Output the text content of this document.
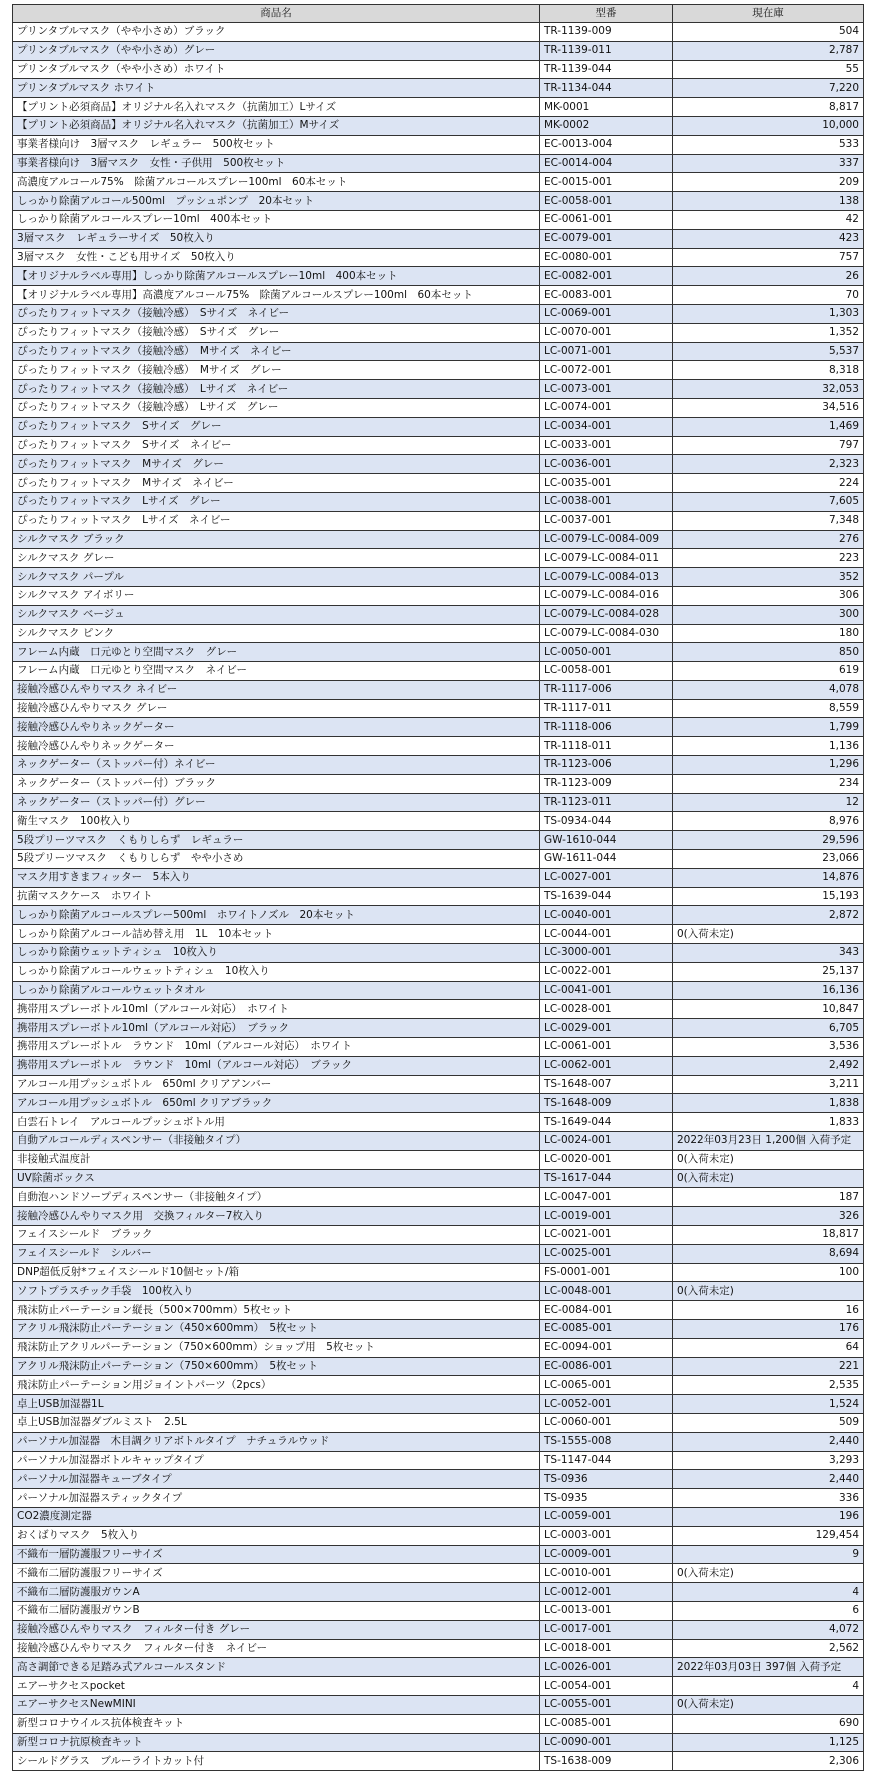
商品名	型番	現在庫
プリンタブルマスク（やや小さめ）ブラック	TR-1139-009	504
プリンタブルマスク（やや小さめ）グレー	TR-1139-011	2,787
プリンタブルマスク（やや小さめ）ホワイト	TR-1139-044	55
プリンタブルマスク ホワイト	TR-1134-044	7,220
【プリント必須商品】オリジナル名入れマスク（抗菌加工）Lサイズ	MK-0001	8,817
【プリント必須商品】オリジナル名入れマスク（抗菌加工）Mサイズ	MK-0002	10,000
事業者様向け　3層マスク　レギュラー　500枚セット	EC-0013-004	533
事業者様向け　3層マスク　女性・子供用　500枚セット	EC-0014-004	337
高濃度アルコール75%　除菌アルコールスプレー100ml　60本セット	EC-0015-001	209
しっかり除菌アルコール500ml　プッシュポンプ　20本セット	EC-0058-001	138
しっかり除菌アルコールスプレー10ml　400本セット	EC-0061-001	42
3層マスク　レギュラーサイズ　50枚入り	EC-0079-001	423
3層マスク　女性・こども用サイズ　50枚入り	EC-0080-001	757
【オリジナルラベル専用】しっかり除菌アルコールスプレー10ml　400本セット	EC-0082-001	26
【オリジナルラベル専用】高濃度アルコール75%　除菌アルコールスプレー100ml　60本セット	EC-0083-001	70
ぴったりフィットマスク（接触冷感）　Sサイズ　ネイビー	LC-0069-001	1,303
ぴったりフィットマスク（接触冷感）　Sサイズ　グレー	LC-0070-001	1,352
ぴったりフィットマスク（接触冷感）　Mサイズ　ネイビー	LC-0071-001	5,537
ぴったりフィットマスク（接触冷感）　Mサイズ　グレー	LC-0072-001	8,318
ぴったりフィットマスク（接触冷感）　Lサイズ　ネイビー	LC-0073-001	32,053
ぴったりフィットマスク（接触冷感）　Lサイズ　グレー	LC-0074-001	34,516
ぴったりフィットマスク　Sサイズ　グレー	LC-0034-001	1,469
ぴったりフィットマスク　Sサイズ　ネイビー	LC-0033-001	797
ぴったりフィットマスク　Mサイズ　グレー	LC-0036-001	2,323
ぴったりフィットマスク　Mサイズ　ネイビー	LC-0035-001	224
ぴったりフィットマスク　Lサイズ　グレー	LC-0038-001	7,605
ぴったりフィットマスク　Lサイズ　ネイビー	LC-0037-001	7,348
シルクマスク ブラック	LC-0079-LC-0084-009	276
シルクマスク グレー	LC-0079-LC-0084-011	223
シルクマスク パープル	LC-0079-LC-0084-013	352
シルクマスク アイボリー	LC-0079-LC-0084-016	306
シルクマスク ベージュ	LC-0079-LC-0084-028	300
シルクマスク ピンク	LC-0079-LC-0084-030	180
フレーム内蔵　口元ゆとり空間マスク　グレー	LC-0050-001	850
フレーム内蔵　口元ゆとり空間マスク　ネイビー	LC-0058-001	619
接触冷感ひんやりマスク ネイビー	TR-1117-006	4,078
接触冷感ひんやりマスク グレー	TR-1117-011	8,559
接触冷感ひんやりネックゲーター	TR-1118-006	1,799
接触冷感ひんやりネックゲーター	TR-1118-011	1,136
ネックゲーター（ストッパー付）ネイビー	TR-1123-006	1,296
ネックゲーター（ストッパー付）ブラック	TR-1123-009	234
ネックゲーター（ストッパー付）グレー	TR-1123-011	12
衛生マスク　100枚入り	TS-0934-044	8,976
5段プリーツマスク　くもりしらず　レギュラー	GW-1610-044	29,596
5段プリーツマスク　くもりしらず　やや小さめ	GW-1611-044	23,066
マスク用すきまフィッター　5本入り	LC-0027-001	14,876
抗菌マスクケース　ホワイト	TS-1639-044	15,193
しっかり除菌アルコールスプレー500ml　ホワイトノズル　20本セット	LC-0040-001	2,872
しっかり除菌アルコール詰め替え用　1L　10本セット	LC-0044-001	0(入荷未定)
しっかり除菌ウェットティシュ　10枚入り	LC-3000-001	343
しっかり除菌アルコールウェットティシュ　10枚入り	LC-0022-001	25,137
しっかり除菌アルコールウェットタオル	LC-0041-001	16,136
携帯用スプレーボトル10ml（アルコール対応）　ホワイト	LC-0028-001	10,847
携帯用スプレーボトル10ml（アルコール対応）　ブラック	LC-0029-001	6,705
携帯用スプレーボトル　ラウンド　10ml（アルコール対応）　ホワイト	LC-0061-001	3,536
携帯用スプレーボトル　ラウンド　10ml（アルコール対応）　ブラック	LC-0062-001	2,492
アルコール用プッシュボトル　650ml クリアアンバー	TS-1648-007	3,211
アルコール用プッシュボトル　650ml クリアブラック	TS-1648-009	1,838
白雲石トレイ　アルコールプッシュボトル用	TS-1649-044	1,833
自動アルコールディスペンサー（非接触タイプ）	LC-0024-001	2022年03月23日 1,200個 入荷予定
非接触式温度計	LC-0020-001	0(入荷未定)
UV除菌ボックス	TS-1617-044	0(入荷未定)
自動泡ハンドソープディスペンサー（非接触タイプ）	LC-0047-001	187
接触冷感ひんやりマスク用　交換フィルター7枚入り	LC-0019-001	326
フェイスシールド　ブラック	LC-0021-001	18,817
フェイスシールド　シルバー	LC-0025-001	8,694
DNP超低反射*フェイスシールド10個セット/箱	FS-0001-001	100
ソフトプラスチック手袋　100枚入り	LC-0048-001	0(入荷未定)
飛沫防止パーテーション縦長（500×700mm）5枚セット	EC-0084-001	16
アクリル飛沫防止パーテーション（450×600mm）　5枚セット	EC-0085-001	176
飛沫防止アクリルパーテーション（750×600mm）ショップ用　5枚セット	EC-0094-001	64
アクリル飛沫防止パーテーション（750×600mm）　5枚セット	EC-0086-001	221
飛沫防止パーテーション用ジョイントパーツ（2pcs）	LC-0065-001	2,535
卓上USB加湿器1L	LC-0052-001	1,524
卓上USB加湿器ダブルミスト　2.5L	LC-0060-001	509
パーソナル加湿器　木目調クリアボトルタイプ　ナチュラルウッド	TS-1555-008	2,440
パーソナル加湿器ボトルキャップタイプ	TS-1147-044	3,293
パーソナル加湿器キューブタイプ	TS-0936	2,440
パーソナル加湿器スティックタイプ	TS-0935	336
CO2濃度測定器	LC-0059-001	196
おくばりマスク　5枚入り	LC-0003-001	129,454
不織布一層防護服フリーサイズ	LC-0009-001	9
不織布二層防護服フリーサイズ	LC-0010-001	0(入荷未定)
不織布二層防護服ガウンA	LC-0012-001	4
不織布二層防護服ガウンB	LC-0013-001	6
接触冷感ひんやりマスク　フィルター付き グレー	LC-0017-001	4,072
接触冷感ひんやりマスク　フィルター付き　ネイビー	LC-0018-001	2,562
高さ調節できる足踏み式アルコールスタンド	LC-0026-001	2022年03月03日 397個 入荷予定
エアーサクセスpocket	LC-0054-001	4
エアーサクセスNewMINI	LC-0055-001	0(入荷未定)
新型コロナウイルス抗体検査キット	LC-0085-001	690
新型コロナ抗原検査キット	LC-0090-001	1,125
シールドグラス　ブルーライトカット付	TS-1638-009	2,306
